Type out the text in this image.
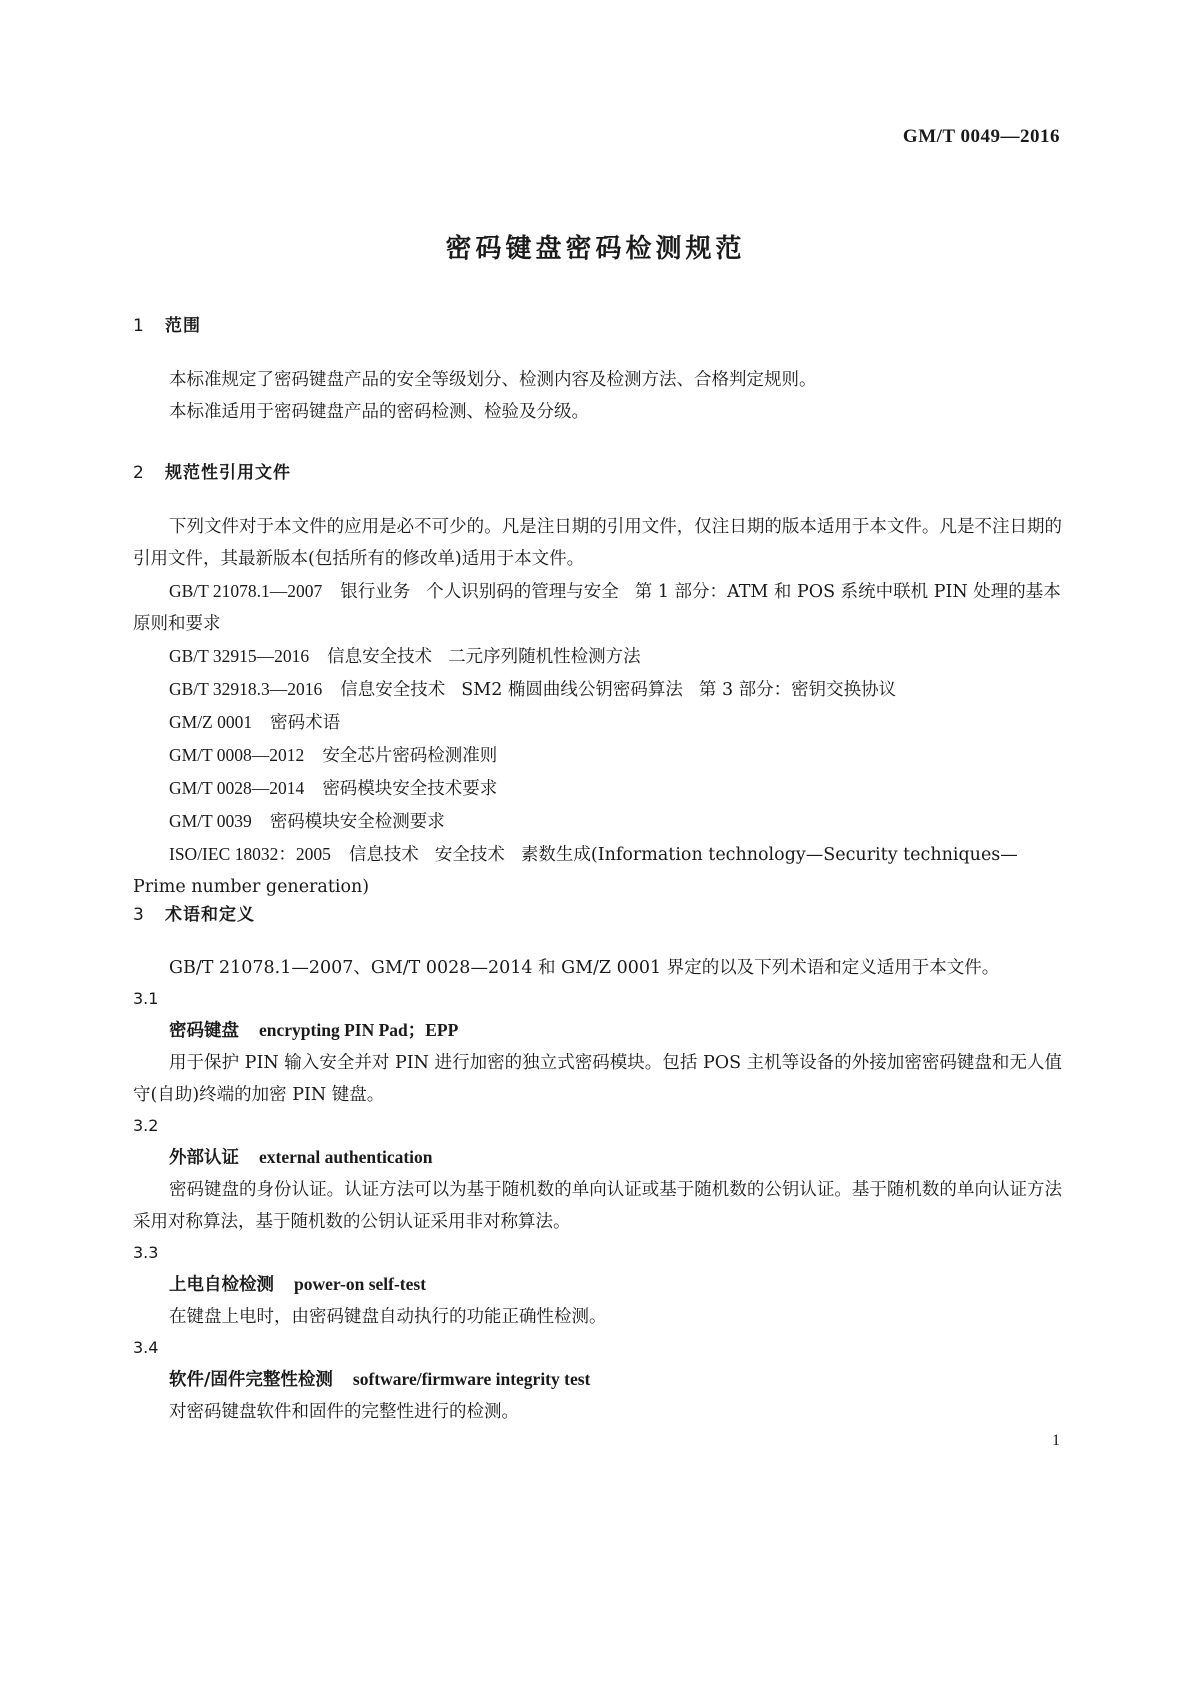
GM/T 0049—2016
密码键盘密码检测规范
1 范围

本标准规定了密码键盘产品的安全等级划分、检测内容及检测方法、合格判定规则。

本标准适用于密码键盘产品的密码检测、检验及分级。

2 规范性引用文件

下列文件对于本文件的应用是必不可少的。凡是注日期的引用文件，仅注日期的版本适用于本文件。凡是不注日期的引用文件，其最新版本(包括所有的修改单)适用于本文件。

GB/T 21078.1—2007 银行业务 个人识别码的管理与安全 第 1 部分：ATM 和 POS 系统中联机 PIN 处理的基本原则和要求

GB/T 32915—2016 信息安全技术 二元序列随机性检测方法

GB/T 32918.3—2016 信息安全技术 SM2 椭圆曲线公钥密码算法 第 3 部分：密钥交换协议

GM/Z 0001 密码术语

GM/T 0008—2012 安全芯片密码检测准则

GM/T 0028—2014 密码模块安全技术要求

GM/T 0039 密码模块安全检测要求

ISO/IEC 18032：2005 信息技术 安全技术 素数生成(Information technology—Security techniques—Prime number generation)

3 术语和定义

GB/T 21078.1—2007、GM/T 0028—2014 和 GM/Z 0001 界定的以及下列术语和定义适用于本文件。

3.1

密码键盘 encrypting PIN Pad；EPP

用于保护 PIN 输入安全并对 PIN 进行加密的独立式密码模块。包括 POS 主机等设备的外接加密密码键盘和无人值守(自助)终端的加密 PIN 键盘。

3.2

外部认证 external authentication

密码键盘的身份认证。认证方法可以为基于随机数的单向认证或基于随机数的公钥认证。基于随机数的单向认证方法采用对称算法，基于随机数的公钥认证采用非对称算法。

3.3

上电自检检测 power-on self-test

在键盘上电时，由密码键盘自动执行的功能正确性检测。

3.4

软件/固件完整性检测 software/firmware integrity test

对密码键盘软件和固件的完整性进行的检测。

1
